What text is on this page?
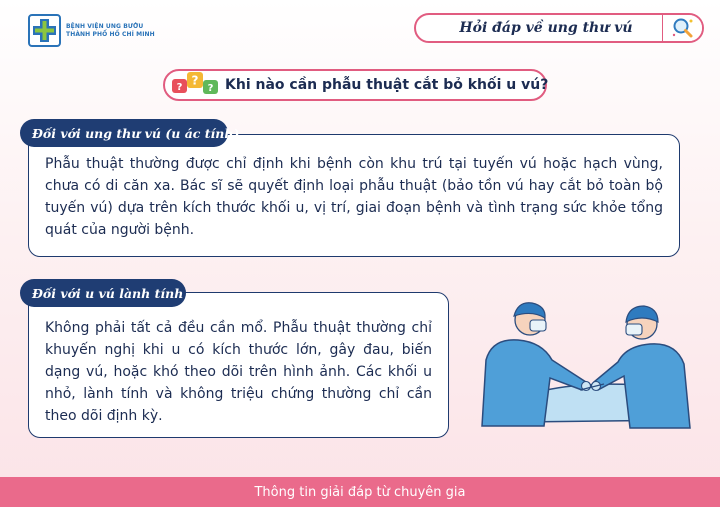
BỆNH VIỆN UNG BƯỚU
THÀNH PHỐ HỒ CHÍ MINH	Hỏi đáp về ung thư vú
? ?
? Khi nào cần phẫu thuật cắt bỏ khối u vú?

Phẫu thuật thường được chỉ định khi bệnh còn khu trú tại tuyến vú hoặc hạch vùng, chưa có di căn xa. Bác sĩ sẽ quyết định loại phẫu thuật (bảo tồn vú hay cắt bỏ toàn bộ tuyến vú) dựa trên kích thước khối u, vị trí, giai đoạn bệnh và tình trạng sức khỏe tổng quát của người bệnh.

Đối với ung thư vú (u ác tính)

Không phải tất cả đều cần mổ. Phẫu thuật thường chỉ khuyến nghị khi u có kích thước lớn, gây đau, biến dạng vú, hoặc khó theo dõi trên hình ảnh. Các khối u nhỏ, lành tính và không triệu chứng thường chỉ cần theo dõi định kỳ.

Đối với u vú lành tính
Thông tin giải đáp từ chuyên gia
